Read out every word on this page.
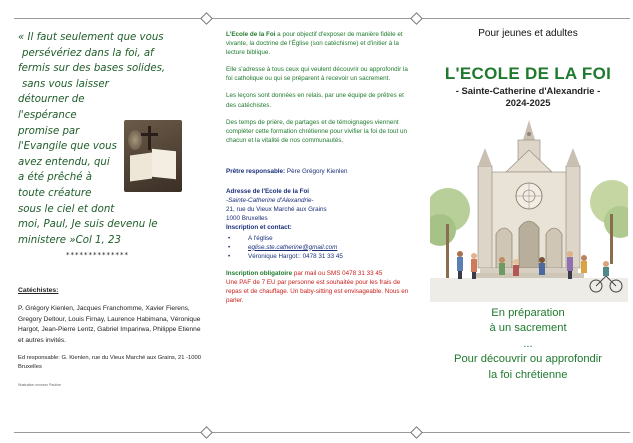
« Il faut seulement que vous
persévériez dans la foi, af
fermis sur des bases solides,
sans vous laisser
détourner de
l'espérance
promise par
l'Evangile que vous
avez entendu, qui
a été prêché à
toute créature
sous le ciel et dont
moi, Paul, Je suis devenu le
ministere »Col 1, 23
**************
Catéchistes:

P. Grégory Kienlen, Jacques Franchomme, Xavier Fierens, Gregory Deltour, Louis Firnay, Laurence Habimana, Véronique Hargot, Jean-Pierre Lentz, Gabriel Imparirwa, Philippe Etienne et autres invités.

Ed responsable: G. Kienlen, rue du Vieux Marché aux Grains, 21 -1000 Bruxelles

Illustration xxxxxxx Pauline

L'Ecole de la Foi a pour objectif d'exposer de manière fidèle et vivante, la doctrine de l'Église (son catéchisme) et d'initier à la lecture biblique.

Elle s'adresse à tous ceux qui veulent découvrir ou approfondir la foi catholique ou qui se préparent à recevoir un sacrement.

Les leçons sont données en relais, par une équipe de prêtres et des catéchistes.

Des temps de prière, de partages et de témoignages viennent compléter cette formation chrétienne pour vivifier la foi de tout un chacun et la vitalité de nos communautés.

Prêtre responsable: Père Grégory Kienlen
Adresse de l'Ecole de la Foi
-Sainte-Catherine d'Alexandrie-
21, rue du Vieux Marché aux Grains
1000 Bruxelles
Inscription et contact:
• A l'église
• eglise.ste.catherine@gmail.com
• Véronique Hargot:: 0478 31 33 45
Inscription obligatoire par mail ou SMS 0478 31 33 45
Une PAF de 7 EU par personne est souhaitée pour les frais de repas et de chauffage. Un baby-sitting est envisageable. Nous en parler.
Pour jeunes et adultes
L'ECOLE DE LA FOI
- Sainte-Catherine d'Alexandrie -
2024-2025
En préparation
à un sacrement
...
Pour découvrir ou approfondir
la foi chrétienne
